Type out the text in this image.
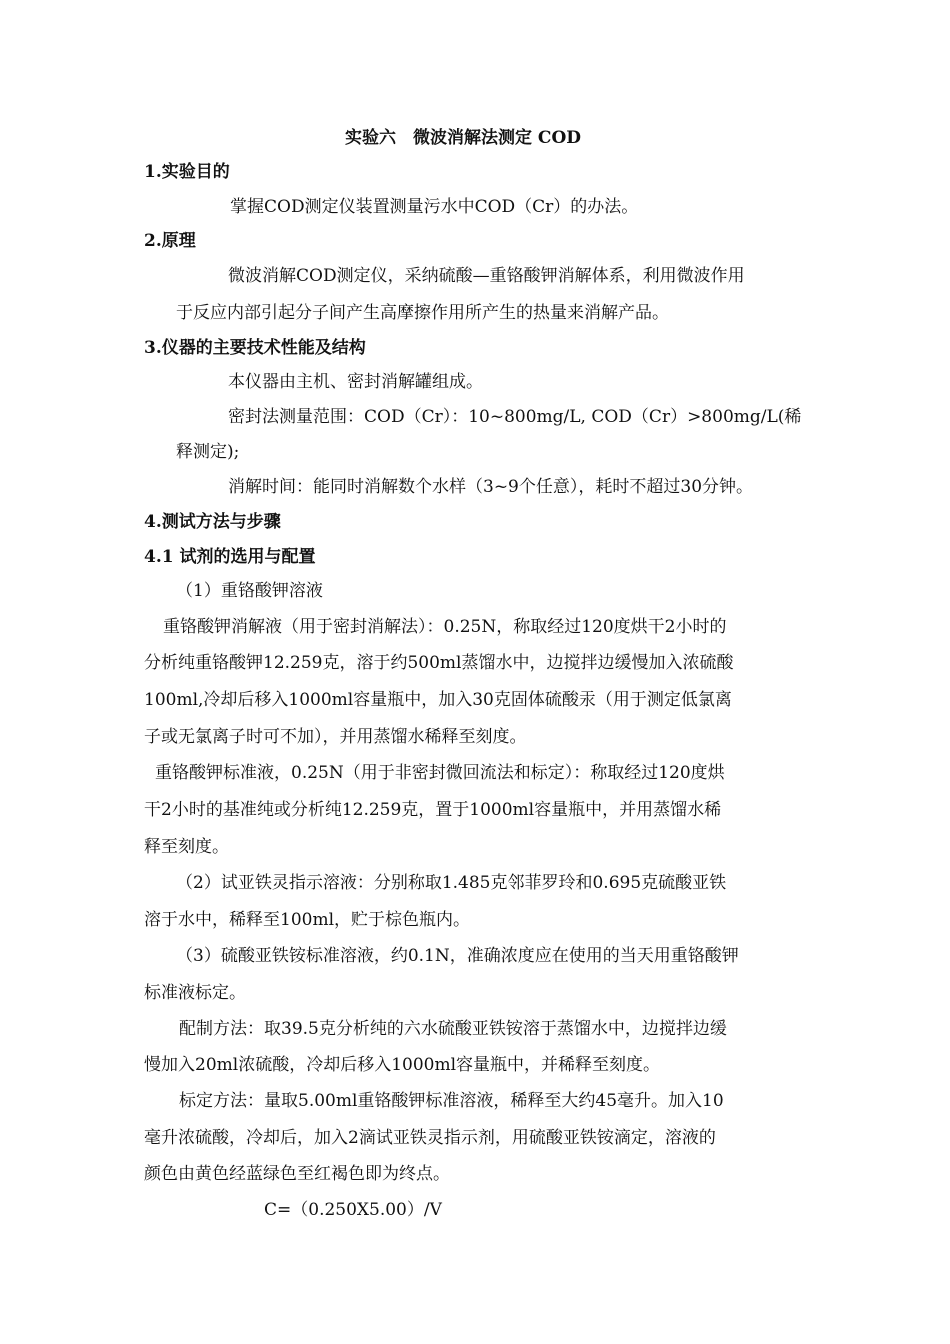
实验六　微波消解法测定 COD
1.实验目的
掌握COD测定仪装置测量污水中COD（Cr）的办法。
2.原理
微波消解COD测定仪，采纳硫酸—重铬酸钾消解体系，利用微波作用
于反应内部引起分子间产生高摩擦作用所产生的热量来消解产品。
3.仪器的主要技术性能及结构
本仪器由主机、密封消解罐组成。
密封法测量范围：COD（Cr）：10~800mg/L, COD（Cr）>800mg/L(稀
释测定);
消解时间：能同时消解数个水样（3~9个任意），耗时不超过30分钟。
4.测试方法与步骤
4.1 试剂的选用与配置
（1）重铬酸钾溶液
重铬酸钾消解液（用于密封消解法）：0.25N，称取经过120度烘干2小时的
分析纯重铬酸钾12.259克，溶于约500ml蒸馏水中，边搅拌边缓慢加入浓硫酸
100ml,冷却后移入1000ml容量瓶中，加入30克固体硫酸汞（用于测定低氯离
子或无氯离子时可不加），并用蒸馏水稀释至刻度。
重铬酸钾标准液，0.25N（用于非密封微回流法和标定）：称取经过120度烘
干2小时的基准纯或分析纯12.259克，置于1000ml容量瓶中，并用蒸馏水稀
释至刻度。
（2）试亚铁灵指示溶液：分别称取1.485克邻菲罗玲和0.695克硫酸亚铁
溶于水中，稀释至100ml，贮于棕色瓶内。
（3）硫酸亚铁铵标准溶液，约0.1N，准确浓度应在使用的当天用重铬酸钾
标准液标定。
配制方法：取39.5克分析纯的六水硫酸亚铁铵溶于蒸馏水中，边搅拌边缓
慢加入20ml浓硫酸，冷却后移入1000ml容量瓶中，并稀释至刻度。
标定方法：量取5.00ml重铬酸钾标准溶液，稀释至大约45毫升。加入10
毫升浓硫酸，冷却后，加入2滴试亚铁灵指示剂，用硫酸亚铁铵滴定，溶液的
颜色由黄色经蓝绿色至红褐色即为终点。
C=（0.250X5.00）/V
